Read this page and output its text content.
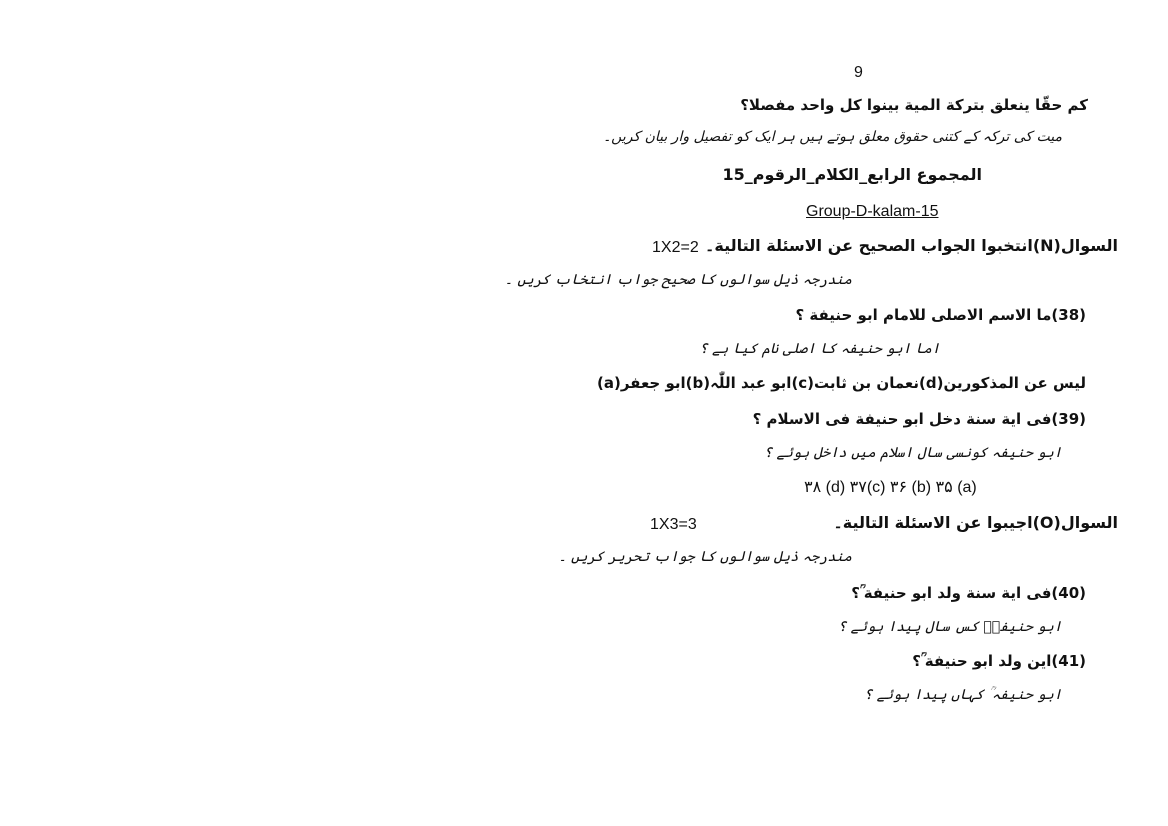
9
کم حقّا ینعلق بترکة المیة بینوا کل واحد مفصلا؟
میت کی ترکہ کے کتنی حقوق معلق ہوتے ہیں ہر ایک کو تفصیل وار بیان کریں۔
المجموع الرابع_الکلام_الرقوم_15
Group-D-kalam-15
السوال(N)انتخبوا الجواب الصحیح عن الاسئلة التالیة۔
1X2=2
مندرجہ ذیل سوالوں کا صحیح جواب انتخاب کریں ۔
(38)ما الاسم الاصلی للامام ابو حنیفة ؟
اما ابو حنیفہ کا اصلی نام کیا ہے ؟
(a)ابو جعفر(b)ابو عبد اللّٰہ(c)نعمان بن ثابت(d)لیس عن المذکورین
(39)فی ایة سنة دخل ابو حنیفة فی الاسلام ؟
ابو حنیفہ کونسی سال اسلام میں داخل ہوئے ؟
۳۸ (d) ۳۷(c) ۳۶ (b) ۳۵ (a)
السوال(O)اجیبوا عن الاسئلة التالیة۔
1X3=3
مندرجہ ذیل سوالوں کا جواب تحریر کریں ۔
(40)فی ایة سنة ولد ابو حنیفة ؒ؟
ابو حنیفہؒ کس سال پیدا ہوئے ؟
(41)این ولد ابو حنیفة ؒ؟
ابو حنیفہ ؒ کہاں پیدا ہوئے ؟
